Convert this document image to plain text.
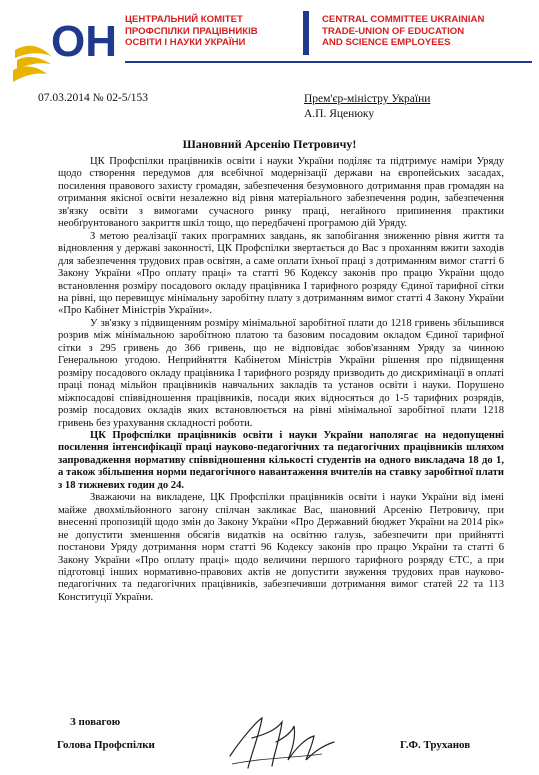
ОН ЦЕНТРАЛЬНИЙ КОМІТЕТ
ПРОФСПІЛКИ ПРАЦІВНИКІВ
ОСВІТИ І НАУКИ УКРАЇНИ
CENTRAL COMMITTEE UKRAINIAN
TRADE-UNION OF EDUCATION
AND SCIENCE EMPLOYEES
07.03.2014 № 02-5/153	Прем'єр-міністру України
А.П. Яценюку
Шановний Арсенію Петровичу!

ЦК Профспілки працівників освіти і науки України поділяє та підтримує наміри Уряду щодо створення передумов для всебічної модернізації держави на європейських засадах, посилення правового захисту громадян, забезпечення безумовного дотримання прав громадян на отримання якісної освіти незалежно від рівня матеріального забезпечення родин, забезпечення зв'язку освіти з вимогами сучасного ринку праці, негайного припинення практики необґрунтованого закриття шкіл тощо, що передбачені програмою дій Уряду.

З метою реалізації таких програмних завдань, як запобігання зниженню рівня життя та відновлення у державі законності, ЦК Профспілки звертається до Вас з проханням вжити заходів для забезпечення трудових прав освітян, а саме оплати їхньої праці з дотриманням вимог статті 6 Закону України «Про оплату праці» та статті 96 Кодексу законів про працю України щодо встановлення розміру посадового окладу працівника І тарифного розряду Єдиної тарифної сітки на рівні, що перевищує мінімальну заробітну плату з дотриманням вимог статті 4 Закону України «Про Кабінет Міністрів України».

У зв'язку з підвищенням розміру мінімальної заробітної плати до 1218 гривень збільшився розрив між мінімальною заробітною платою та базовим посадовим окладом Єдиної тарифної сітки з 295 гривень до 366 гривень, що не відповідає зобов'язанням Уряду за чинною Генеральною угодою. Неприйняття Кабінетом Міністрів України рішення про підвищення розміру посадового окладу працівника І тарифного розряду призводить до дискримінації в оплаті праці понад мільйон працівників навчальних закладів та установ освіти і науки. Порушено міжпосадові співвідношення працівників, посади яких відносяться до 1-5 тарифних розрядів, розмір посадових окладів яких встановлюється на рівні мінімальної заробітної плати 1218 гривень без урахування складності роботи.

ЦК Профспілки працівників освіти і науки України наполягає на недопущенні посилення інтенсифікації праці науково-педагогічних та педагогічних працівників шляхом запровадження нормативу співвідношення кількості студентів на одного викладача 18 до 1, а також збільшення норми педагогічного навантаження вчителів на ставку заробітної плати з 18 тижневих годин до 24.

Зважаючи на викладене, ЦК Профспілки працівників освіти і науки України від імені майже двохмільйонного загону спілчан закликає Вас, шановний Арсенію Петровичу, при внесенні пропозицій щодо змін до Закону України «Про Державний бюджет України на 2014 рік» не допустити зменшення обсягів видатків на освітню галузь, забезпечити при прийнятті постанови Уряду дотримання норм статті 96 Кодексу законів про працю України та статті 6 Закону України «Про оплату праці» щодо величини першого тарифного розряду ЄТС, а при підготовці інших нормативно-правових актів не допустити звуження трудових прав науково-педагогічних та педагогічних працівників, забезпечивши дотримання вимог статей 22 та 113 Конституції України.

З повагою
Голова Профспілки	Г.Ф. Труханов
